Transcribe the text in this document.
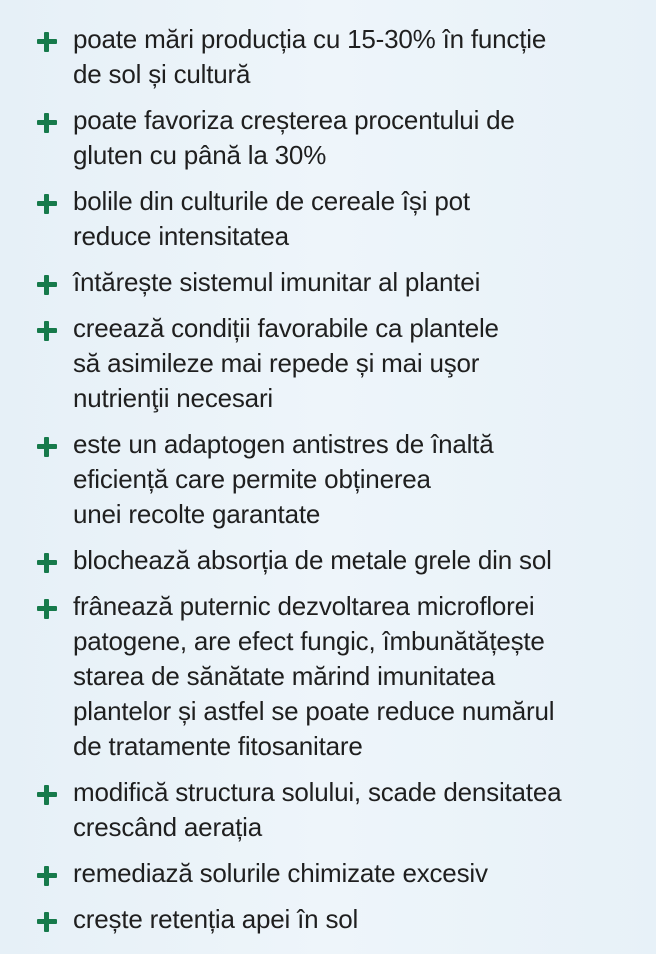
poate mări producția cu 15-30% în funcție
de sol și cultură
poate favoriza creșterea procentului de
gluten cu până la 30%
bolile din culturile de cereale își pot
reduce intensitatea
întărește sistemul imunitar al plantei
creează condiții favorabile ca plantele
să asimileze mai repede și mai uşor
nutrienţii necesari
este un adaptogen antistres de înaltă
eficiență care permite obținerea
unei recolte garantate
blochează absorția de metale grele din sol
frânează puternic dezvoltarea microflorei
patogene, are efect fungic, îmbunătățește
starea de sănătate mărind imunitatea
plantelor și astfel se poate reduce numărul
de tratamente fitosanitare
modifică structura solului, scade densitatea
crescând aerația
remediază solurile chimizate excesiv
crește retenția apei în sol
